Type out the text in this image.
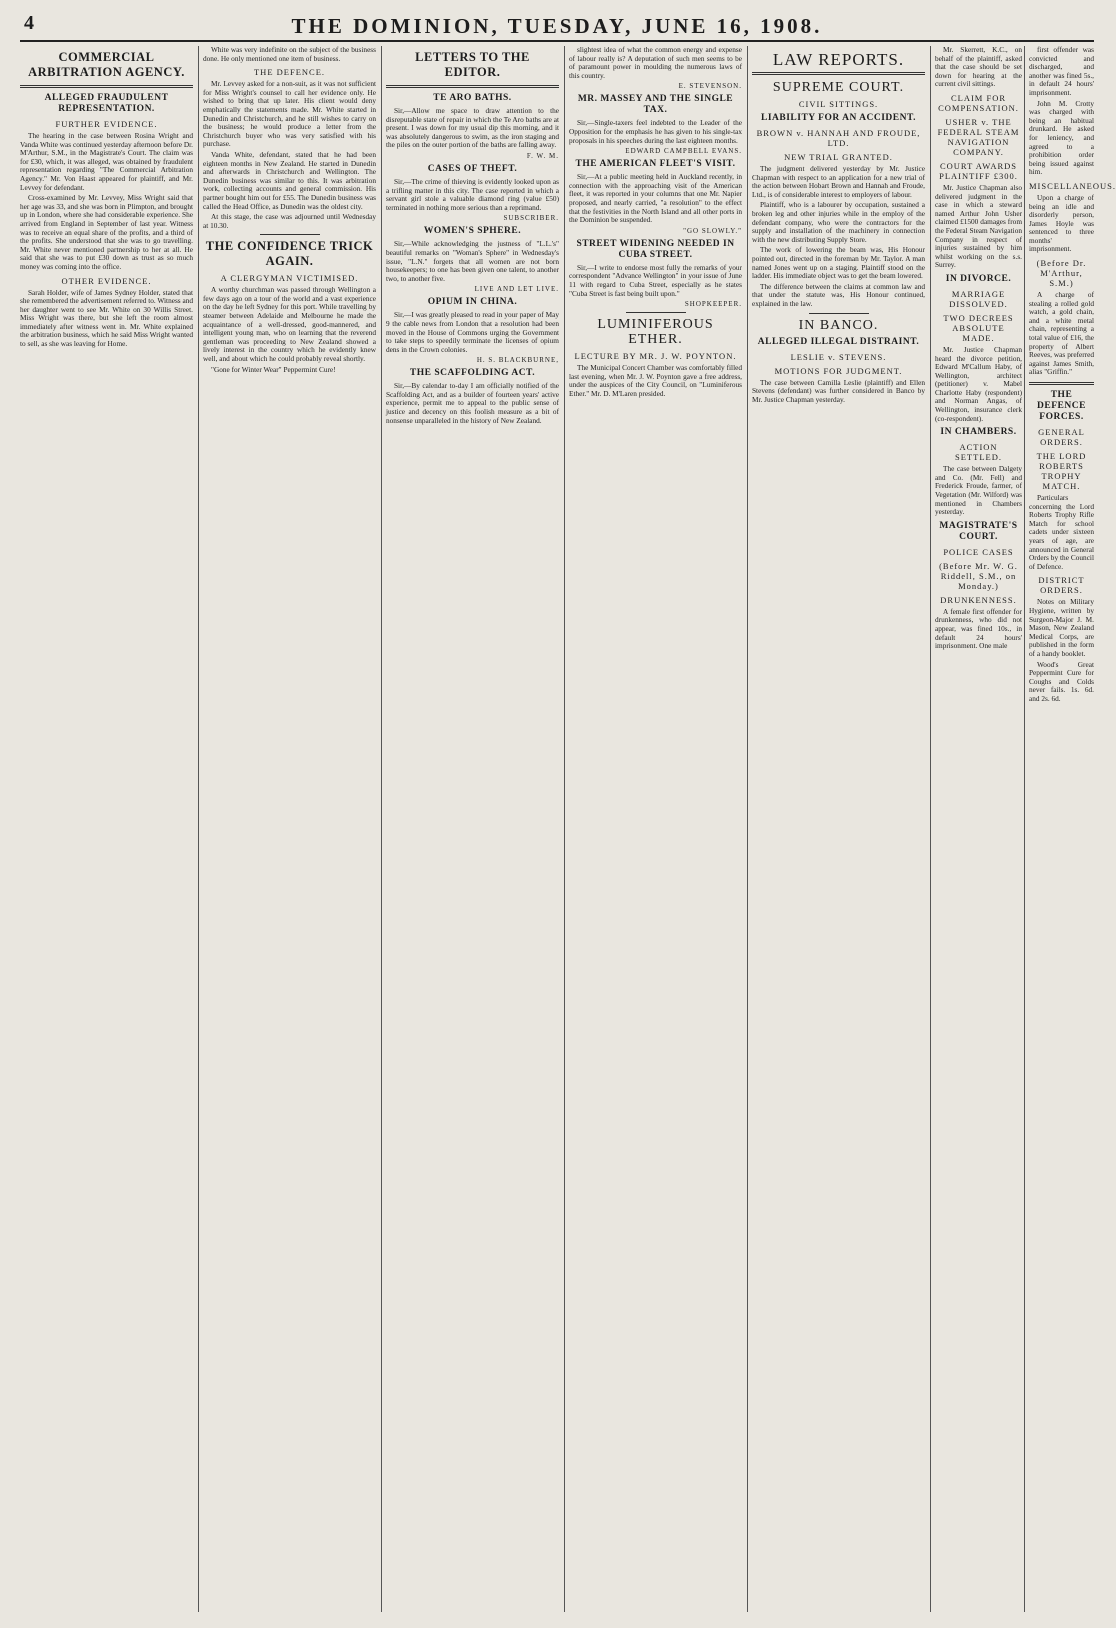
4	THE DOMINION, TUESDAY, JUNE 16, 1908.
COMMERCIAL ARBITRATION AGENCY.
ALLEGED FRAUDULENT REPRESENTATION.
FURTHER EVIDENCE.

The hearing in the case between Rosina Wright and Vanda White was continued yesterday afternoon before Dr. M'Arthur, S.M., in the Magistrate's Court. The claim was for £30, which, it was alleged, was obtained by fraudulent representation regarding "The Commercial Arbitration Agency." Mr. Von Haast appeared for plaintiff, and Mr. Levvey for defendant.

Cross-examined by Mr. Levvey, Miss Wright said that her age was 33, and she was born in Plimpton, and brought up in London, where she had considerable experience. She arrived from England in September of last year. Witness was to receive an equal share of the profits, and a third of the profits. She understood that she was to go travelling. Mr. White never mentioned partnership to her at all. He said that she was to put £30 down as trust as so much money was coming into the office.

OTHER EVIDENCE.

Sarah Holder, wife of James Sydney Holder, stated that she remembered the advertisement referred to. Witness and her daughter went to see Mr. White on 30 Willis Street. Miss Wright was there, but she left the room almost immediately after witness went in. Mr. White explained the arbitration business, which he said Miss Wright wanted to sell, as she was leaving for Home.

White was very indefinite on the subject of the business done. He only mentioned one item of business.

THE DEFENCE.

Mr. Levvey asked for a non-suit, as it was not sufficient for Miss Wright's counsel to call her evidence only. He wished to bring that up later. His client would deny emphatically the statements made. Mr. White started in Dunedin and Christchurch, and he still wishes to carry on the business; he would produce a letter from the Christchurch buyer who was very satisfied with his purchase.

Vanda White, defendant, stated that he had been eighteen months in New Zealand. He started in Dunedin and afterwards in Christchurch and Wellington. The Dunedin business was similar to this. It was arbitration work, collecting accounts and general commission. His partner bought him out for £55. The Dunedin business was called the Head Office, as Dunedin was the oldest city.

At this stage, the case was adjourned until Wednesday at 10.30.

THE CONFIDENCE TRICK AGAIN.
A CLERGYMAN VICTIMISED.

A worthy churchman was passed through Wellington a few days ago on a tour of the world and a vast experience on the day he left Sydney for this port. While travelling by steamer between Adelaide and Melbourne he made the acquaintance of a well-dressed, good-mannered, and intelligent young man, who on learning that the reverend gentleman was proceeding to New Zealand showed a lively interest in the country which he evidently knew well, and about which he could probably reveal shortly.

"Gone for Winter Wear" Peppermint Cure!

LETTERS TO THE EDITOR.
TE ARO BATHS.

Sir,—Allow me space to draw attention to the disreputable state of repair in which the Te Aro baths are at present. I was down for my usual dip this morning, and it was absolutely dangerous to swim, as the iron staging and the piles on the outer portion of the baths are falling away.

F. W. M.
CASES OF THEFT.

Sir,—The crime of thieving is evidently looked upon as a trifling matter in this city. The case reported in which a servant girl stole a valuable diamond ring (value £50) terminated in nothing more serious than a reprimand.

SUBSCRIBER.
WOMEN'S SPHERE.

Sir,—While acknowledging the justness of "L.L.'s" beautiful remarks on "Woman's Sphere" in Wednesday's issue, "L.N." forgets that all women are not born housekeepers; to one has been given one talent, to another two, to another five.

LIVE AND LET LIVE.
OPIUM IN CHINA.

Sir,—I was greatly pleased to read in your paper of May 9 the cable news from London that a resolution had been moved in the House of Commons urging the Government to take steps to speedily terminate the licenses of opium dens in the Crown colonies.

H. S. BLACKBURNE,
THE SCAFFOLDING ACT.

Sir,—By calendar to-day I am officially notified of the Scaffolding Act, and as a builder of fourteen years' active experience, permit me to appeal to the public sense of justice and decency on this foolish measure as a bit of nonsense unparalleled in the history of New Zealand.

slightest idea of what the common energy and expense of labour really is? A deputation of such men seems to be of paramount power in moulding the numerous laws of this country.

E. STEVENSON.
MR. MASSEY AND THE SINGLE TAX.

Sir,—Single-taxers feel indebted to the Leader of the Opposition for the emphasis he has given to his single-tax proposals in his speeches during the last eighteen months.

EDWARD CAMPBELL EVANS.
THE AMERICAN FLEET'S VISIT.

Sir,—At a public meeting held in Auckland recently, in connection with the approaching visit of the American fleet, it was reported in your columns that one Mr. Napier proposed, and nearly carried, "a resolution" to the effect that the festivities in the North Island and all other ports in the Dominion be suspended.

"GO SLOWLY."
STREET WIDENING NEEDED IN CUBA STREET.

Sir,—I write to endorse most fully the remarks of your correspondent "Advance Wellington" in your issue of June 11 with regard to Cuba Street, especially as he states "Cuba Street is fast being built upon."

SHOPKEEPER.
LUMINIFEROUS ETHER.
LECTURE BY MR. J. W. POYNTON.

The Municipal Concert Chamber was comfortably filled last evening, when Mr. J. W. Poynton gave a free address, under the auspices of the City Council, on "Luminiferous Ether." Mr. D. M'Laren presided.

LAW REPORTS.
SUPREME COURT.
CIVIL SITTINGS.
LIABILITY FOR AN ACCIDENT.
BROWN v. HANNAH AND FROUDE, LTD.
NEW TRIAL GRANTED.

The judgment delivered yesterday by Mr. Justice Chapman with respect to an application for a new trial of the action between Hobart Brown and Hannah and Froude, Ltd., is of considerable interest to employers of labour.

Plaintiff, who is a labourer by occupation, sustained a broken leg and other injuries while in the employ of the defendant company, who were the contractors for the supply and installation of the machinery in connection with the new distributing Supply Store.

The work of lowering the beam was, His Honour pointed out, directed in the foreman by Mr. Taylor. A man named Jones went up on a staging. Plaintiff stood on the ladder. His immediate object was to get the beam lowered.

The difference between the claims at common law and that under the statute was, His Honour continued, explained in the law.

IN BANCO.
ALLEGED ILLEGAL DISTRAINT.
LESLIE v. STEVENS.
MOTIONS FOR JUDGMENT.

The case between Camilla Leslie (plaintiff) and Ellen Stevens (defendant) was further considered in Banco by Mr. Justice Chapman yesterday.

Mr. Skerrett, K.C., on behalf of the plaintiff, asked that the case should be set down for hearing at the current civil sittings.

CLAIM FOR COMPENSATION.
USHER v. THE FEDERAL STEAM NAVIGATION COMPANY.
COURT AWARDS PLAINTIFF £300.

Mr. Justice Chapman also delivered judgment in the case in which a steward named Arthur John Usher claimed £1500 damages from the Federal Steam Navigation Company in respect of injuries sustained by him whilst working on the s.s. Surrey.

IN DIVORCE.
MARRIAGE DISSOLVED.
TWO DECREES ABSOLUTE MADE.

Mr. Justice Chapman heard the divorce petition, Edward M'Callum Haby, of Wellington, architect (petitioner) v. Mabel Charlotte Haby (respondent) and Norman Angas, of Wellington, insurance clerk (co-respondent).

IN CHAMBERS.
ACTION SETTLED.

The case between Dalgety and Co. (Mr. Fell) and Frederick Froude, farmer, of Vegetation (Mr. Wilford) was mentioned in Chambers yesterday.

MAGISTRATE'S COURT.
POLICE CASES
(Before Mr. W. G. Riddell, S.M., on Monday.)
DRUNKENNESS.

A female first offender for drunkenness, who did not appear, was fined 10s., in default 24 hours' imprisonment. One male

first offender was convicted and discharged, and another was fined 5s., in default 24 hours' imprisonment.

John M. Crotty was charged with being an habitual drunkard. He asked for leniency, and agreed to a prohibition order being issued against him.

MISCELLANEOUS.

Upon a charge of being an idle and disorderly person, James Hoyle was sentenced to three months' imprisonment.

(Before Dr. M'Arthur, S.M.)

A charge of stealing a rolled gold watch, a gold chain, and a white metal chain, representing a total value of £16, the property of Albert Reeves, was preferred against James Smith, alias "Griffin."

THE DEFENCE FORCES.
GENERAL ORDERS.
THE LORD ROBERTS TROPHY MATCH.

Particulars concerning the Lord Roberts Trophy Rifle Match for school cadets under sixteen years of age, are announced in General Orders by the Council of Defence.

DISTRICT ORDERS.

Notes on Military Hygiene, written by Surgeon-Major J. M. Mason, New Zealand Medical Corps, are published in the form of a handy booklet.

Wood's Great Peppermint Cure for Coughs and Colds never fails. 1s. 6d. and 2s. 6d.
